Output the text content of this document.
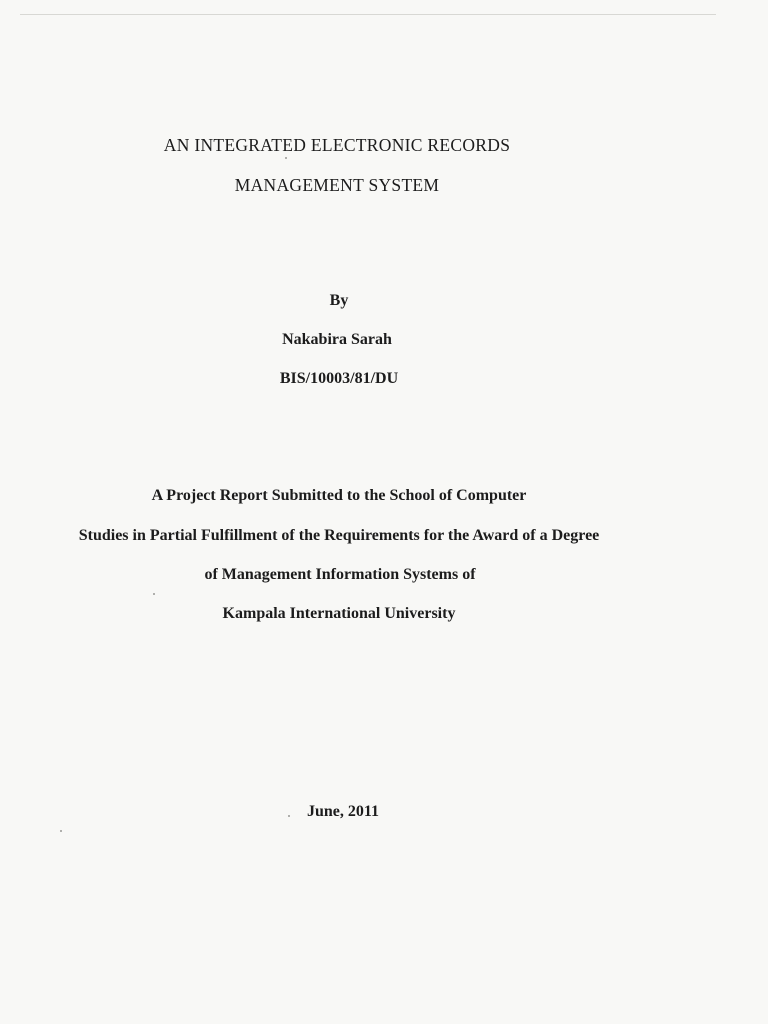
AN INTEGRATED ELECTRONIC RECORDS
MANAGEMENT SYSTEM
By
Nakabira Sarah
BIS/10003/81/DU
A Project Report Submitted to the School of Computer
Studies in Partial Fulfillment of the Requirements for the Award of a Degree
of Management Information Systems of
Kampala International University
June, 2011
